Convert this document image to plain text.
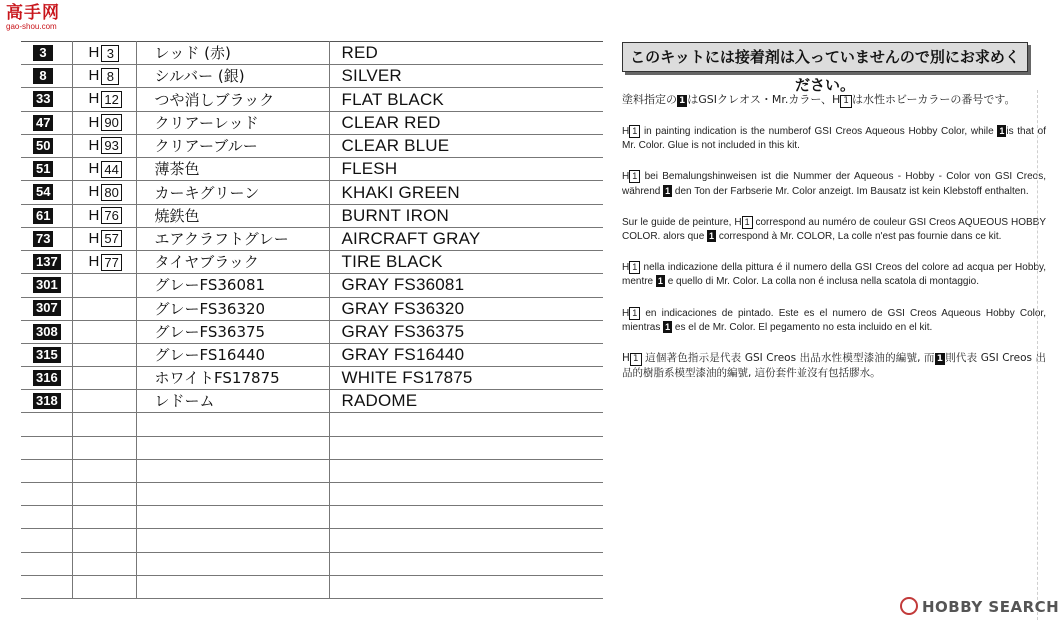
高手网
gao-shou.com
3	H 3	レッド (赤)	RED
8	H 8	シルバー (銀)	SILVER
33	H 12	つや消しブラック	FLAT BLACK
47	H 90	クリアーレッド	CLEAR RED
50	H 93	クリアーブルー	CLEAR BLUE
51	H 44	薄茶色	FLESH
54	H 80	カーキグリーン	KHAKI GREEN
61	H 76	焼鉄色	BURNT IRON
73	H 57	エアクラフトグレー	AIRCRAFT GRAY
137	H 77	タイヤブラック	TIRE BLACK
301		グレーFS36081	GRAY FS36081
307		グレーFS36320	GRAY FS36320
308		グレーFS36375	GRAY FS36375
315		グレーFS16440	GRAY FS16440
316		ホワイトFS17875	WHITE FS17875
318		レドーム	RADOME

このキットには接着剤は入っていませんので別にお求めください。

塗料指定の 1 はGSIクレオス・Mr.カラー、H 1 は水性ホビーカラーの番号です。

H 1 in painting indication is the numberof GSI Creos Aqueous Hobby Color, while 1 is that of Mr. Color. Glue is not included in this kit.

H 1 bei Bemalungshinweisen ist die Nummer der Aqueous - Hobby - Color von GSI Creos, während 1 den Ton der Farbserie Mr. Color anzeigt. Im Bausatz ist kein Klebstoff enthalten.

Sur le guide de peinture, H 1 correspond au numéro de couleur GSI Creos AQUEOUS HOBBY COLOR. alors que 1 correspond à Mr. COLOR, La colle n'est pas fournie dans ce kit.

H 1 nella indicazione della pittura é il numero della GSI Creos del colore ad acqua per Hobby, mentre 1 e quello di Mr. Color. La colla non é inclusa nella scatola di montaggio.

H 1 en indicaciones de pintado. Este es el numero de GSI Creos Aqueous Hobby Color, mientras 1 es el de Mr. Color. El pegamento no esta incluido en el kit.

H 1 這個著色指示是代表 GSI Creos 出品水性模型漆油的編號, 而 1 則代表 GSI Creos 出品的樹脂系模型漆油的編號, 這份套件並沒有包括膠水。

HOBBY SEARCH
